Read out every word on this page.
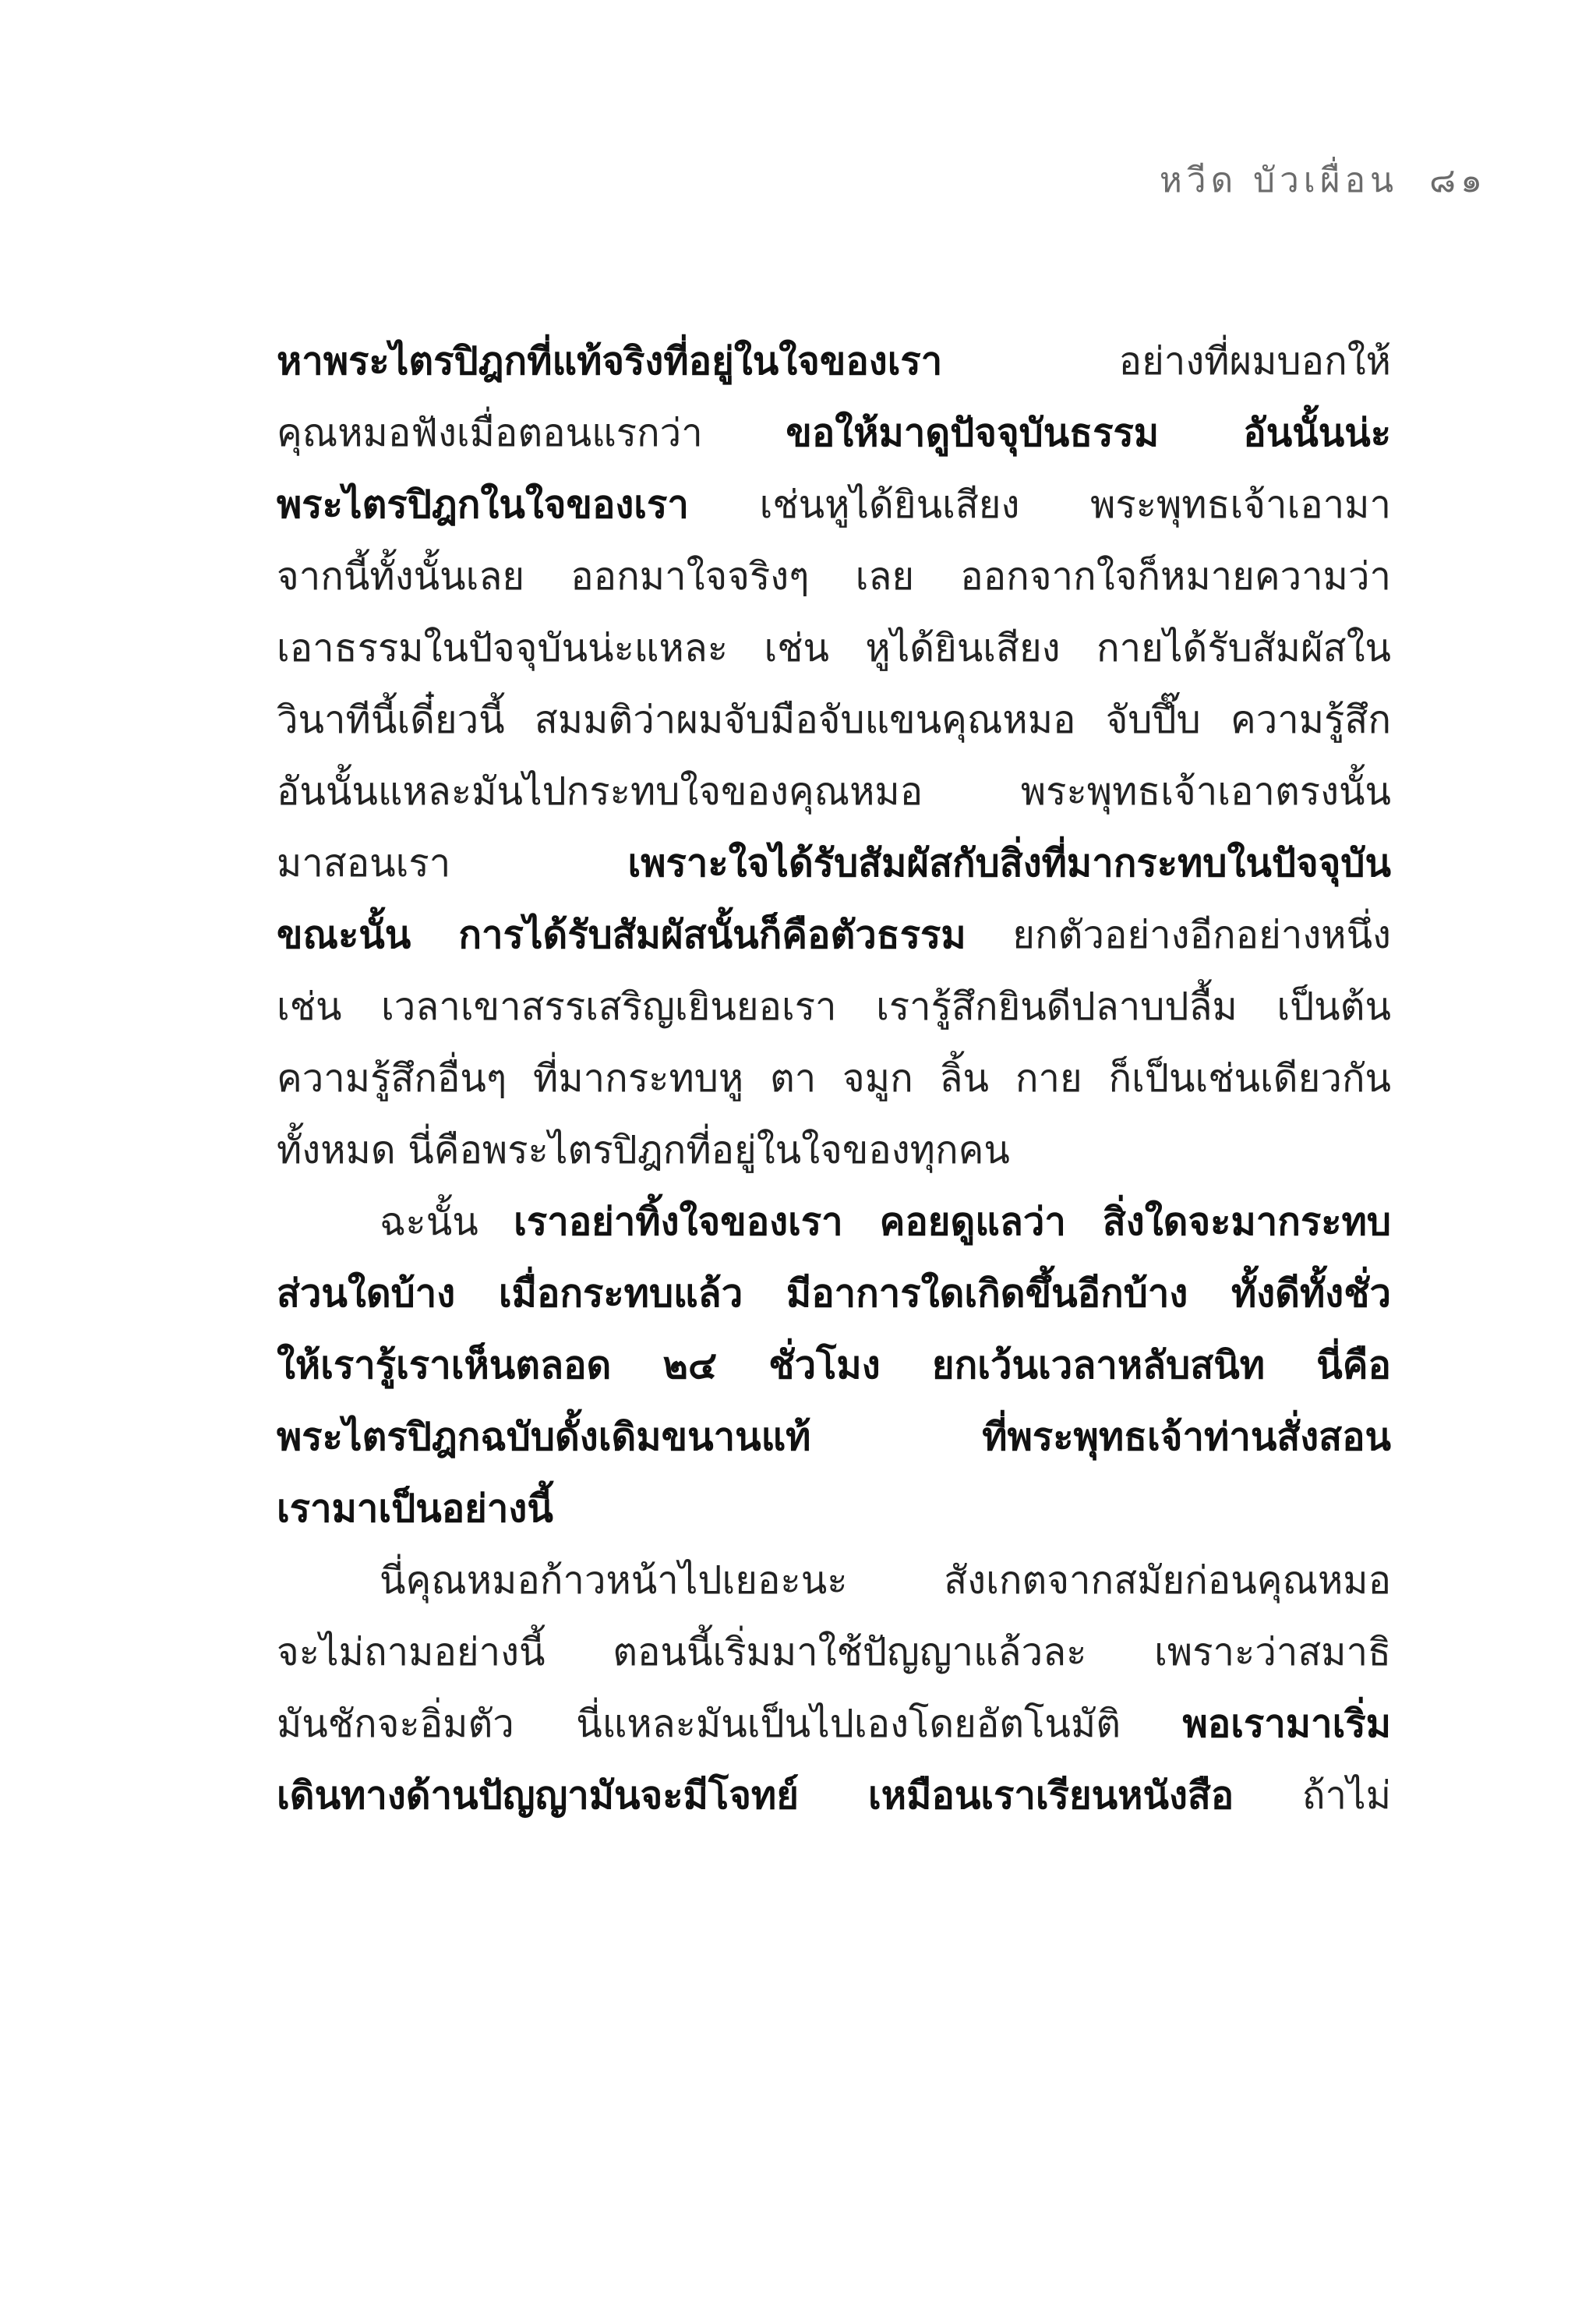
หวีด บัวเผื่อน ๘๑
หาพระไตรปิฎกที่แท้จริงที่อยู่ในใจของเรา อย่างที่ผมบอกให้
คุณหมอฟังเมื่อตอนแรกว่า ขอให้มาดูปัจจุบันธรรม อันนั้นน่ะ
พระไตรปิฎกในใจของเรา เช่นหูได้ยินเสียง พระพุทธเจ้าเอามา
จากนี้ทั้งนั้นเลย ออกมาใจจริงๆ เลย ออกจากใจก็หมายความว่า
เอาธรรมในปัจจุบันน่ะแหละ เช่น หูได้ยินเสียง กายได้รับสัมผัสใน
วินาทีนี้เดี๋ยวนี้ สมมติว่าผมจับมือจับแขนคุณหมอ จับปึ๊บ ความรู้สึก
อันนั้นแหละมันไปกระทบใจของคุณหมอ พระพุทธเจ้าเอาตรงนั้น
มาสอนเรา เพราะใจได้รับสัมผัสกับสิ่งที่มากระทบในปัจจุบัน
ขณะนั้น การได้รับสัมผัสนั้นก็คือตัวธรรม ยกตัวอย่างอีกอย่างหนึ่ง
เช่น เวลาเขาสรรเสริญเยินยอเรา เรารู้สึกยินดีปลาบปลื้ม เป็นต้น
ความรู้สึกอื่นๆ ที่มากระทบหู ตา จมูก ลิ้น กาย ก็เป็นเช่นเดียวกัน
ทั้งหมด นี่คือพระไตรปิฎกที่อยู่ในใจของทุกคน
ฉะนั้น เราอย่าทิ้งใจของเรา คอยดูแลว่า สิ่งใดจะมากระทบ
ส่วนใดบ้าง เมื่อกระทบแล้ว มีอาการใดเกิดขึ้นอีกบ้าง ทั้งดีทั้งชั่ว
ให้เรารู้เราเห็นตลอด ๒๔ ชั่วโมง ยกเว้นเวลาหลับสนิท นี่คือ
พระไตรปิฎกฉบับดั้งเดิมขนานแท้ ที่พระพุทธเจ้าท่านสั่งสอน
เรามาเป็นอย่างนี้
นี่คุณหมอก้าวหน้าไปเยอะนะ สังเกตจากสมัยก่อนคุณหมอ
จะไม่ถามอย่างนี้ ตอนนี้เริ่มมาใช้ปัญญาแล้วละ เพราะว่าสมาธิ
มันชักจะอิ่มตัว นี่แหละมันเป็นไปเองโดยอัตโนมัติ พอเรามาเริ่ม
เดินทางด้านปัญญามันจะมีโจทย์ เหมือนเราเรียนหนังสือ ถ้าไม่
